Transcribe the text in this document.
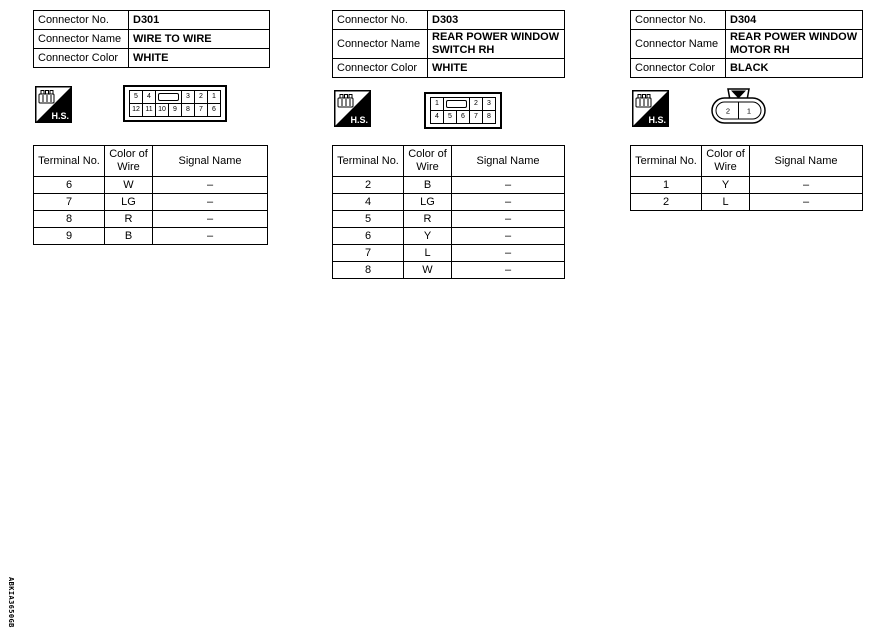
Connector No.	D301
Connector Name	WIRE TO WIRE
Connector Color	WHITE
H.S.
5	4			3	2	1
12	11	10	9	8	7	6
Terminal No.	Color of Wire	Signal Name
6	W	–
7	LG	–
8	R	–
9	B	–
Connector No.	D303
Connector Name	REAR POWER WINDOW SWITCH RH
Connector Color	WHITE
H.S.
1			2	3
4	5	6	7	8
Terminal No.	Color of Wire	Signal Name
2	B	–
4	LG	–
5	R	–
6	Y	–
7	L	–
8	W	–
Connector No.	D304
Connector Name	REAR POWER WINDOW MOTOR RH
Connector Color	BLACK
H.S.
2 1
Terminal No.	Color of Wire	Signal Name
1	Y	–
2	L	–
ABKIA3650GB
